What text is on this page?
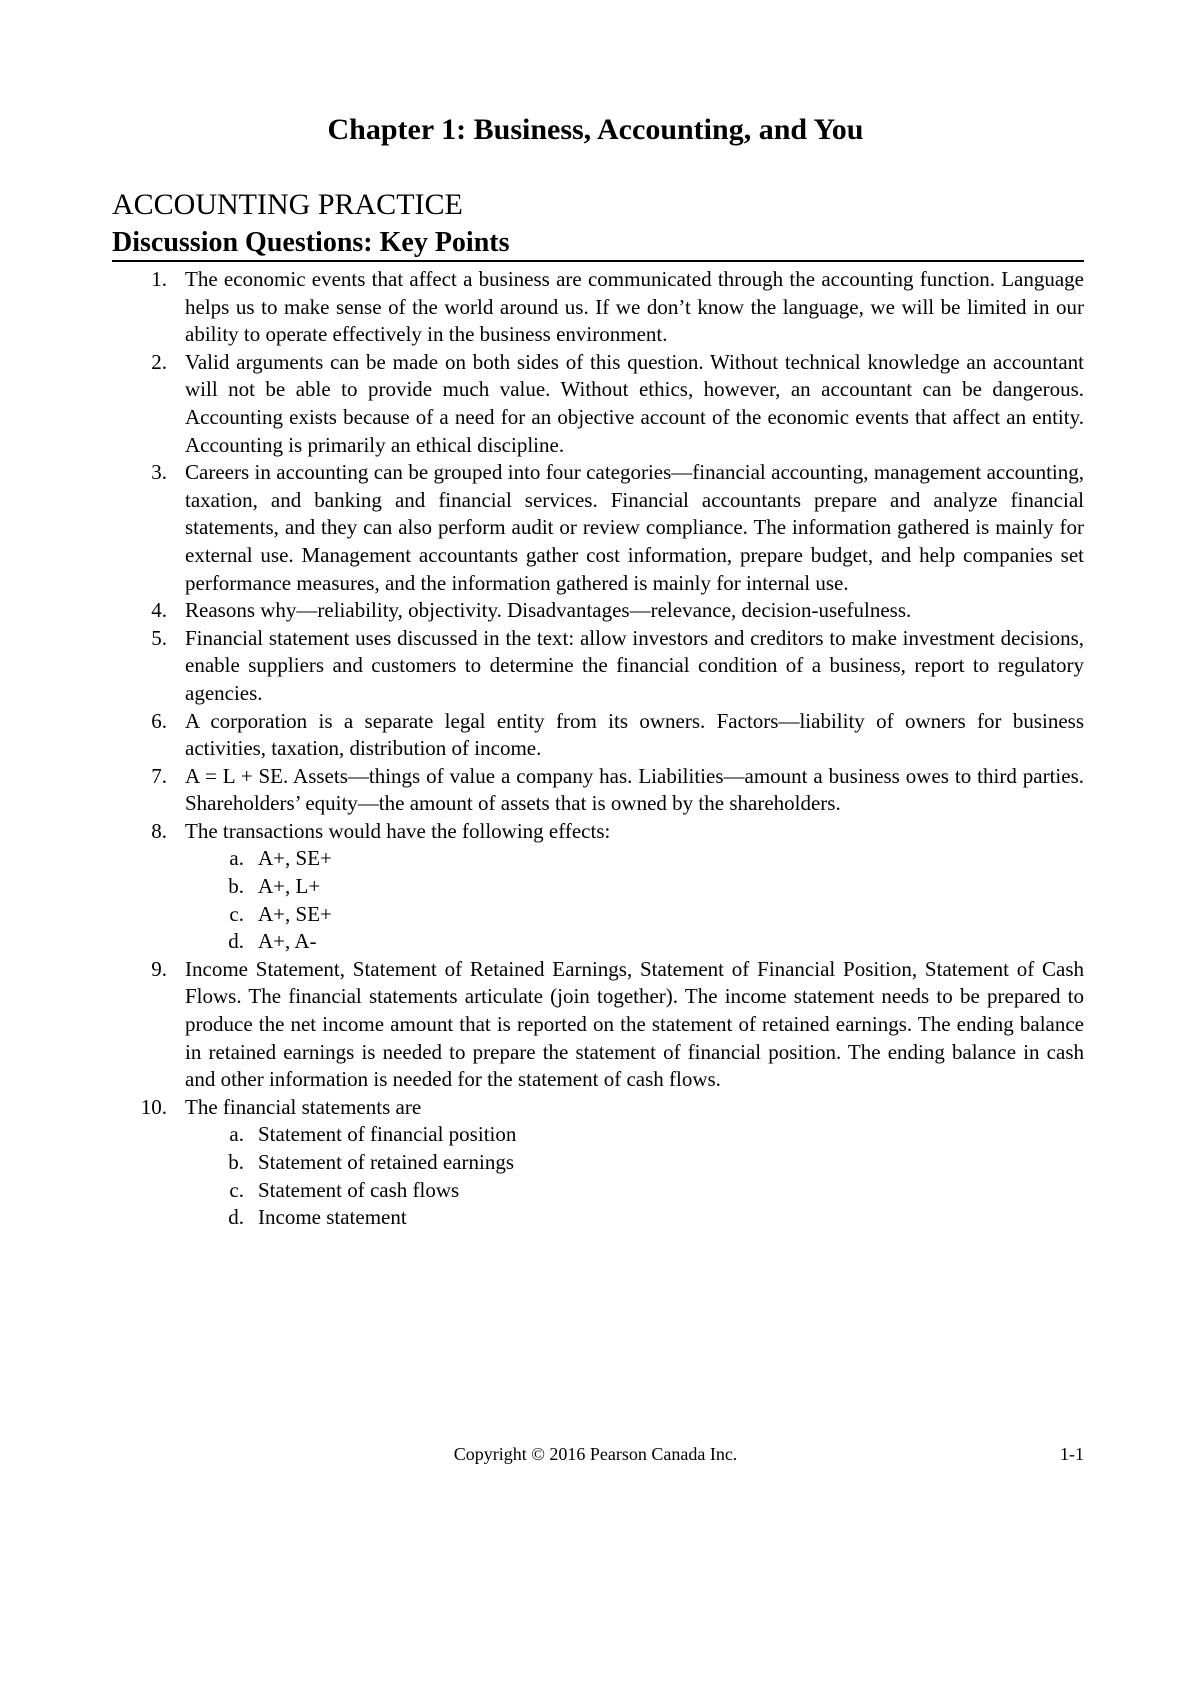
Chapter 1: Business, Accounting, and You
ACCOUNTING PRACTICE
Discussion Questions: Key Points
1. The economic events that affect a business are communicated through the accounting function. Language helps us to make sense of the world around us. If we don’t know the language, we will be limited in our ability to operate effectively in the business environment.
2. Valid arguments can be made on both sides of this question. Without technical knowledge an accountant will not be able to provide much value. Without ethics, however, an accountant can be dangerous. Accounting exists because of a need for an objective account of the economic events that affect an entity. Accounting is primarily an ethical discipline.
3. Careers in accounting can be grouped into four categories—financial accounting, management accounting, taxation, and banking and financial services. Financial accountants prepare and analyze financial statements, and they can also perform audit or review compliance. The information gathered is mainly for external use. Management accountants gather cost information, prepare budget, and help companies set performance measures, and the information gathered is mainly for internal use.
4. Reasons why—reliability, objectivity. Disadvantages—relevance, decision-usefulness.
5. Financial statement uses discussed in the text: allow investors and creditors to make investment decisions, enable suppliers and customers to determine the financial condition of a business, report to regulatory agencies.
6. A corporation is a separate legal entity from its owners. Factors—liability of owners for business activities, taxation, distribution of income.
7. A = L + SE. Assets—things of value a company has. Liabilities—amount a business owes to third parties. Shareholders’ equity—the amount of assets that is owned by the shareholders.
8. The transactions would have the following effects:
a. A+, SE+
b. A+, L+
c. A+, SE+
d. A+, A-
9. Income Statement, Statement of Retained Earnings, Statement of Financial Position, Statement of Cash Flows. The financial statements articulate (join together). The income statement needs to be prepared to produce the net income amount that is reported on the statement of retained earnings. The ending balance in retained earnings is needed to prepare the statement of financial position. The ending balance in cash and other information is needed for the statement of cash flows.
10. The financial statements are
a. Statement of financial position
b. Statement of retained earnings
c. Statement of cash flows
d. Income statement

Copyright © 2016 Pearson Canada Inc.	1-1
